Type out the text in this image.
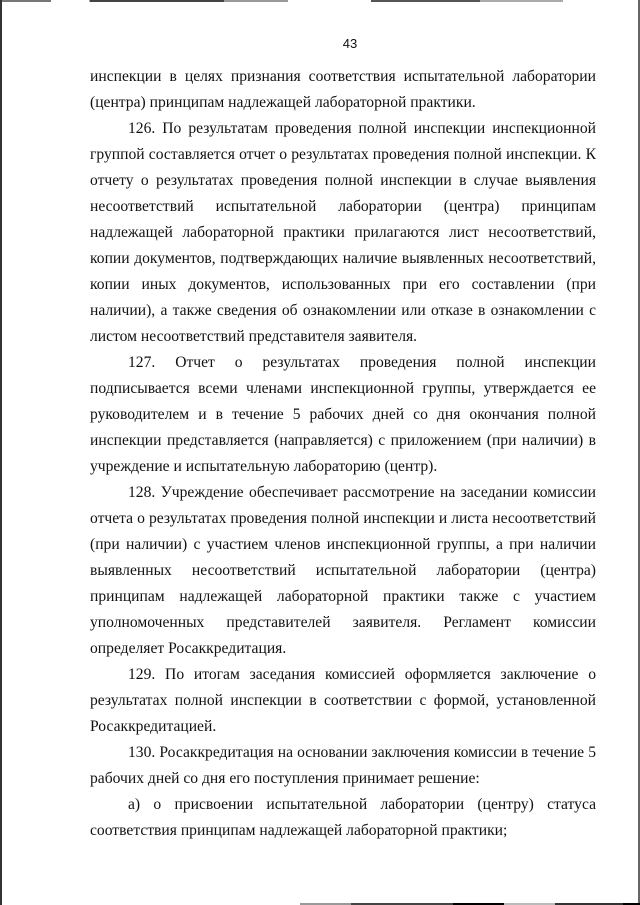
43

инспекции в целях признания соответствия испытательной лаборатории (центра) принципам надлежащей лабораторной практики.

126. По результатам проведения полной инспекции инспекционной группой составляется отчет о результатах проведения полной инспекции. К отчету о результатах проведения полной инспекции в случае выявления несоответствий испытательной лаборатории (центра) принципам надлежащей лабораторной практики прилагаются лист несоответствий, копии документов, подтверждающих наличие выявленных несоответствий, копии иных документов, использованных при его составлении (при наличии), а также сведения об ознакомлении или отказе в ознакомлении с листом несоответствий представителя заявителя.

127. Отчет о результатах проведения полной инспекции подписывается всеми членами инспекционной группы, утверждается ее руководителем и в течение 5 рабочих дней со дня окончания полной инспекции представляется (направляется) с приложением (при наличии) в учреждение и испытательную лабораторию (центр).

128. Учреждение обеспечивает рассмотрение на заседании комиссии отчета о результатах проведения полной инспекции и листа несоответствий (при наличии) с участием членов инспекционной группы, а при наличии выявленных несоответствий испытательной лаборатории (центра) принципам надлежащей лабораторной практики также с участием уполномоченных представителей заявителя. Регламент комиссии определяет Росаккредитация.

129. По итогам заседания комиссией оформляется заключение о результатах полной инспекции в соответствии с формой, установленной Росаккредитацией.

130. Росаккредитация на основании заключения комиссии в течение 5 рабочих дней со дня его поступления принимает решение:

а) о присвоении испытательной лаборатории (центру) статуса соответствия принципам надлежащей лабораторной практики;
